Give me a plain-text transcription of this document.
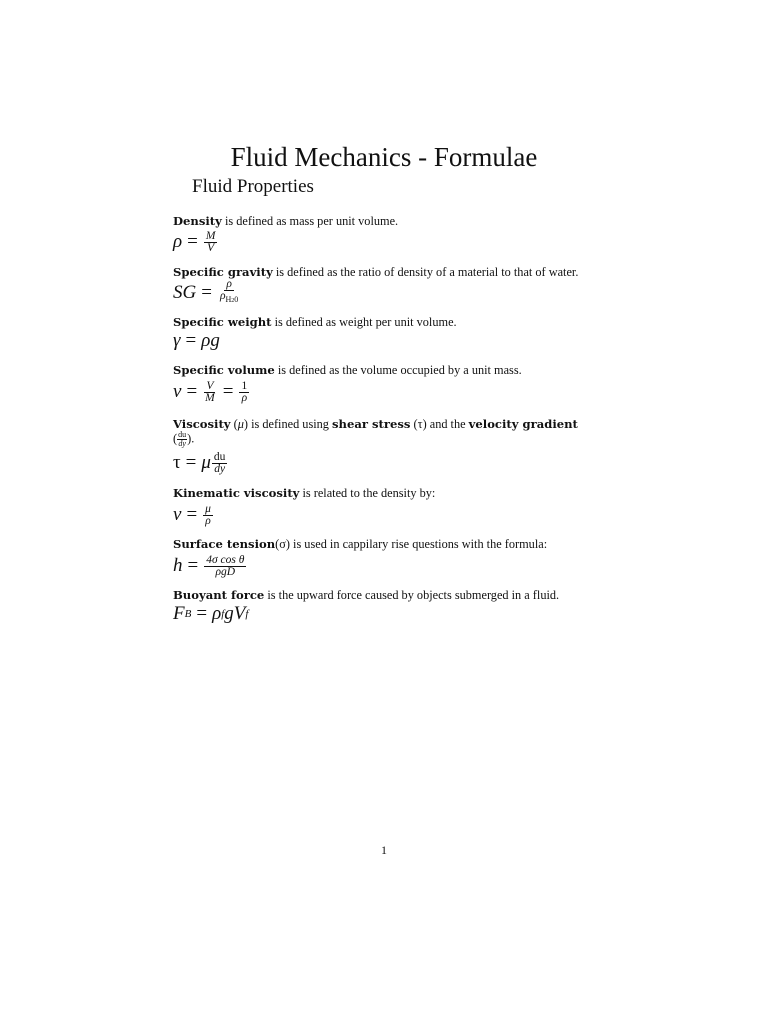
Fluid Mechanics - Formulae
Fluid Properties
Density is defined as mass per unit volume.
$\rho = \frac{M}{V}$
Specific gravity is defined as the ratio of density of a material to that of water.
SG = $\frac{\rho}{\rho_{H20}}$
Specific weight is defined as weight per unit volume.
γ = ρg
Specific volume is defined as the volume occupied by a unit mass.
$v = \frac{V}{M} = \frac{1}{\rho}$
Viscosity (μ) is defined using shear stress (τ) and the velocity gradient
( $\frac{du}{dy}$ ).
τ = μ $\frac{du}{dy}$
Kinematic viscosity is related to the density by:
$v = \frac{\mu}{\rho}$
Surface tension(σ) is used in cappilary rise questions with the formula:
$h = \frac{\text{4σ cos θ}}{\text{ρgD}}$
Buoyant force is the upward force caused by objects submerged in a fluid.
F B = ρ f g V f
1
